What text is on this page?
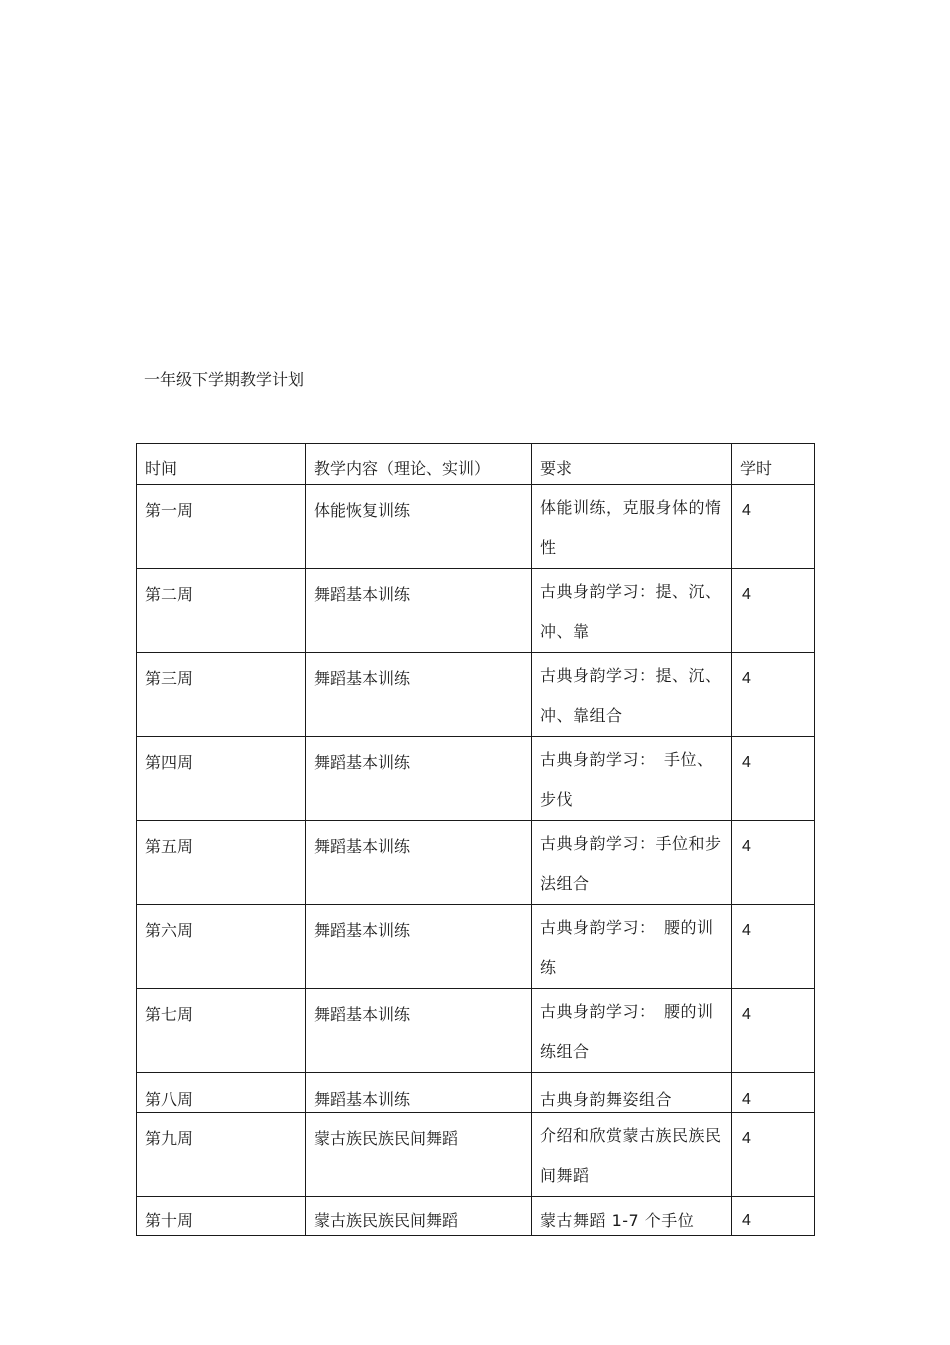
一年级下学期教学计划
时间	教学内容（理论、实训）	要求	学时
第一周	体能恢复训练	体能训练，克服身体的惰性	4
第二周	舞蹈基本训练	古典身韵学习：提、沉、冲、靠	4
第三周	舞蹈基本训练	古典身韵学习：提、沉、冲、靠组合	4
第四周	舞蹈基本训练	古典身韵学习：　手位、步伐	4
第五周	舞蹈基本训练	古典身韵学习：手位和步法组合	4
第六周	舞蹈基本训练	古典身韵学习：　腰的训练	4
第七周	舞蹈基本训练	古典身韵学习：　腰的训练组合	4
第八周	舞蹈基本训练	古典身韵舞姿组合	4
第九周	蒙古族民族民间舞蹈	介绍和欣赏蒙古族民族民间舞蹈	4
第十周	蒙古族民族民间舞蹈	蒙古舞蹈 1-7 个手位	4
